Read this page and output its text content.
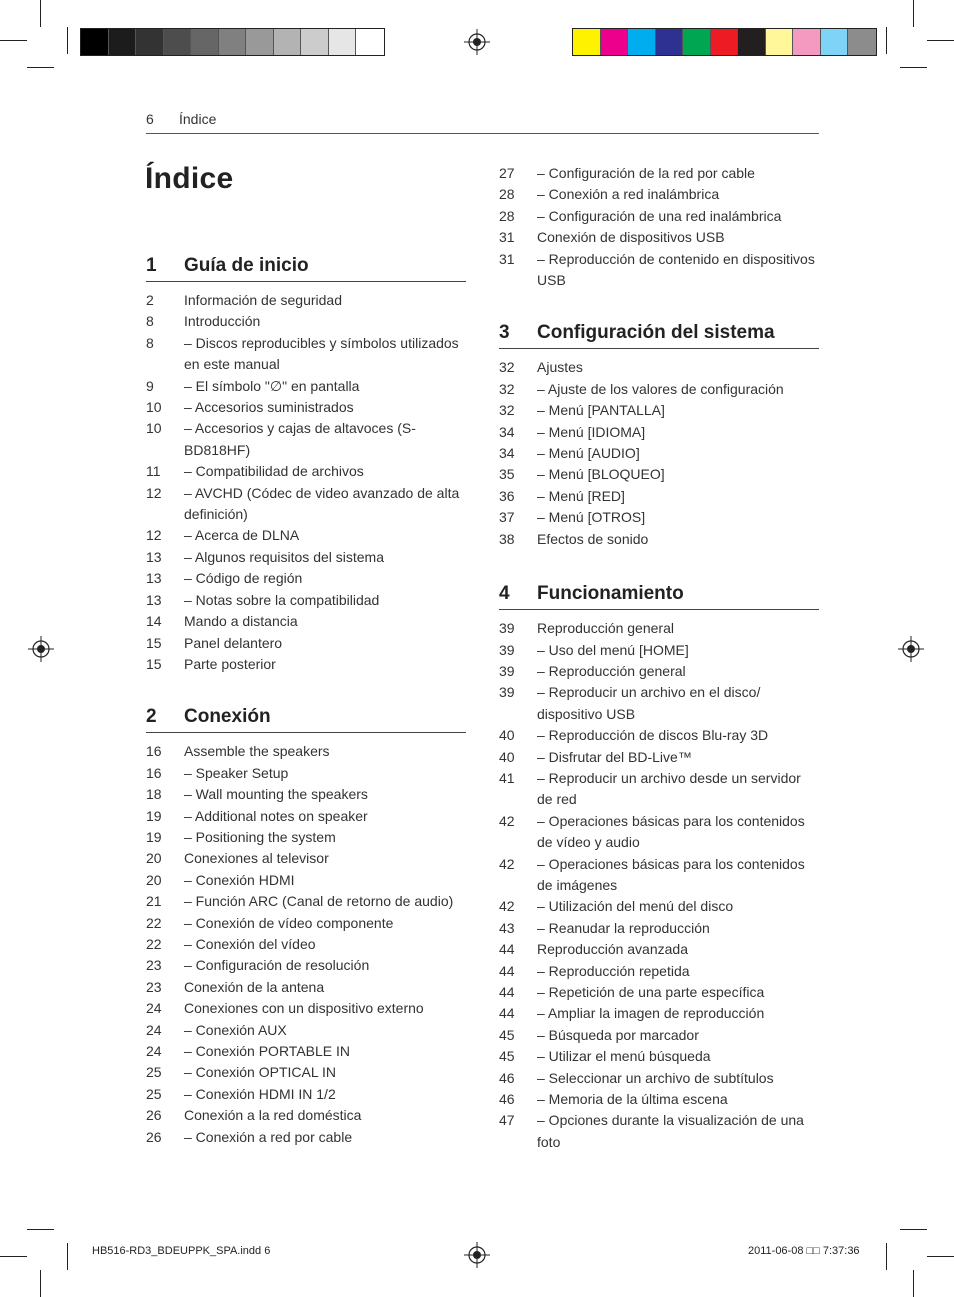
6 Índice
Índice
1	Guía de inicio
2	Información de seguridad
8	Introducción
8	– Discos reproducibles y símbolos utilizados en este manual
9	– El símbolo "∅" en pantalla
10	– Accesorios suministrados
10	– Accesorios y cajas de altavoces (S-BD818HF)
11	– Compatibilidad de archivos
12	– AVCHD (Códec de video avanzado de alta definición)
12	– Acerca de DLNA
13	– Algunos requisitos del sistema
13	– Código de región
13	– Notas sobre la compatibilidad
14	Mando a distancia
15	Panel delantero
15	Parte posterior
2	Conexión
16	Assemble the speakers
16	– Speaker Setup
18	– Wall mounting the speakers
19	– Additional notes on speaker
19	– Positioning the system
20	Conexiones al televisor
20	– Conexión HDMI
21	– Función ARC (Canal de retorno de audio)
22	– Conexión de vídeo componente
22	– Conexión del vídeo
23	– Configuración de resolución
23	Conexión de la antena
24	Conexiones con un dispositivo externo
24	– Conexión AUX
24	– Conexión PORTABLE IN
25	– Conexión OPTICAL IN
25	– Conexión HDMI IN 1/2
26	Conexión a la red doméstica
26	– Conexión a red por cable
27	– Configuración de la red por cable
28	– Conexión a red inalámbrica
28	– Configuración de una red inalámbrica
31	Conexión de dispositivos USB
31	– Reproducción de contenido en dispositivos USB
3	Configuración del sistema
32	Ajustes
32	– Ajuste de los valores de configuración
32	– Menú [PANTALLA]
34	– Menú [IDIOMA]
34	– Menú [AUDIO]
35	– Menú [BLOQUEO]
36	– Menú [RED]
37	– Menú [OTROS]
38	Efectos de sonido
4	Funcionamiento
39	Reproducción general
39	– Uso del menú [HOME]
39	– Reproducción general
39	– Reproducir un archivo en el disco/ dispositivo USB
40	– Reproducción de discos Blu-ray 3D
40	– Disfrutar del BD-Live™
41	– Reproducir un archivo desde un servidor de red
42	– Operaciones básicas para los contenidos de vídeo y audio
42	– Operaciones básicas para los contenidos de imágenes
42	– Utilización del menú del disco
43	– Reanudar la reproducción
44	Reproducción avanzada
44	– Reproducción repetida
44	– Repetición de una parte específica
44	– Ampliar la imagen de reproducción
45	– Búsqueda por marcador
45	– Utilizar el menú búsqueda
46	– Seleccionar un archivo de subtítulos
46	– Memoria de la última escena
47	– Opciones durante la visualización de una foto
HB516-RD3_BDEUPPK_SPA.indd 6	2011-06-08 □□ 7:37:36
